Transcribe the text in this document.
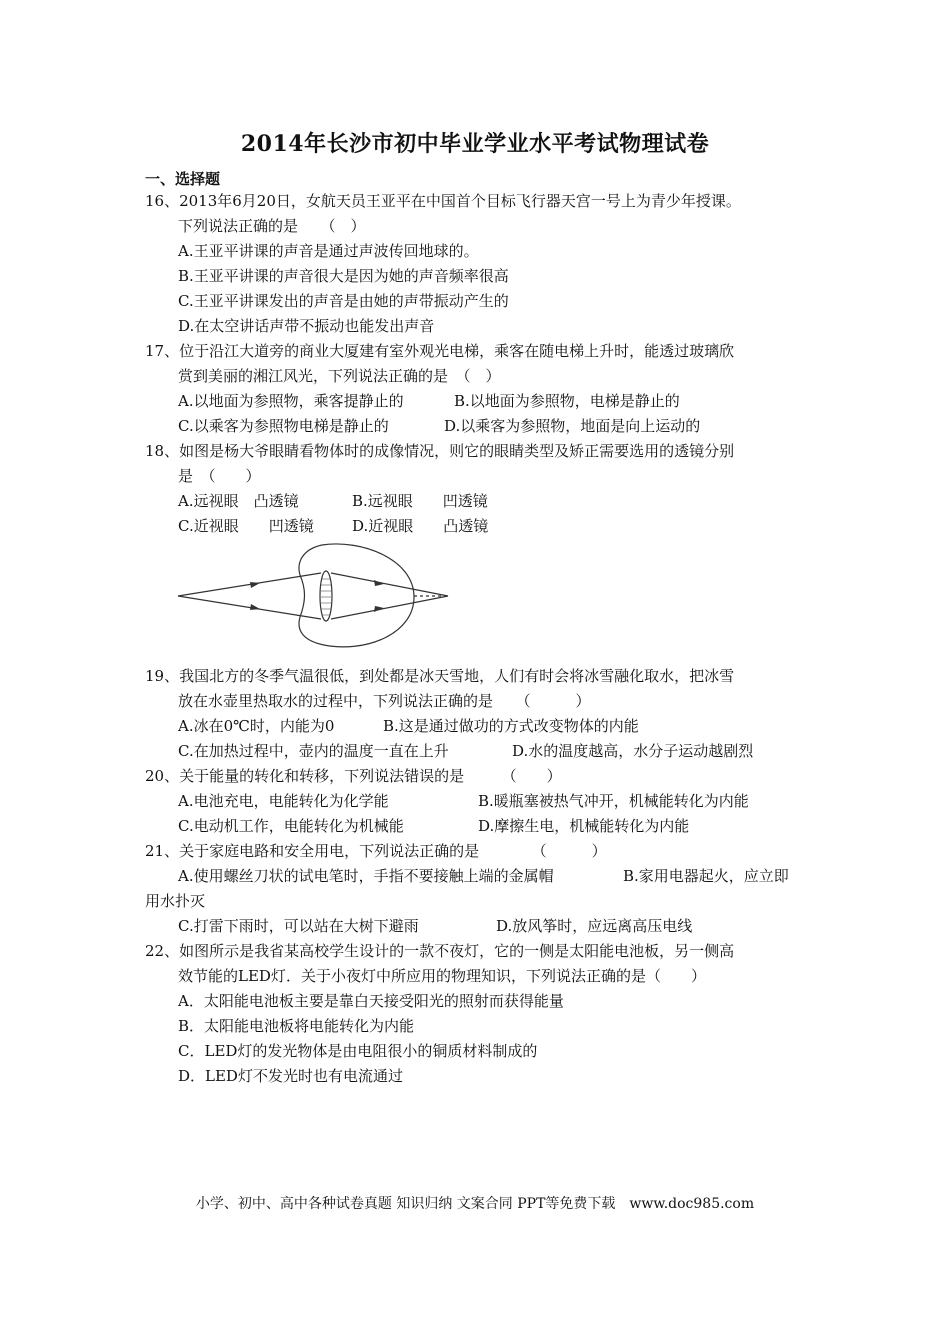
2014年长沙市初中毕业学业水平考试物理试卷
一、选择题
16、2013年6月20日，女航天员王亚平在中国首个目标飞行器天宫一号上为青少年授课。
下列说法正确的是　　（　）
A.王亚平讲课的声音是通过声波传回地球的。
B.王亚平讲课的声音很大是因为她的声音频率很高
C.王亚平讲课发出的声音是由她的声带振动产生的
D.在太空讲话声带不振动也能发出声音
17、位于沿江大道旁的商业大厦建有室外观光电梯，乘客在随电梯上升时，能透过玻璃欣
赏到美丽的湘江风光，下列说法正确的是　（　）
A.以地面为参照物，乘客提静止的	B.以地面为参照物，电梯是静止的
C.以乘客为参照物电梯是静止的	D.以乘客为参照物，地面是向上运动的
18、如图是杨大爷眼睛看物体时的成像情况，则它的眼睛类型及矫正需要选用的透镜分别
是　（　　）
A.远视眼　凸透镜	B.远视眼　　凹透镜
C.近视眼　　凹透镜	D.近视眼　　凸透镜
19、我国北方的冬季气温很低，到处都是冰天雪地，人们有时会将冰雪融化取水，把冰雪
放在水壶里热取水的过程中，下列说法正确的是　　（　　　）
A.冰在0℃时，内能为0	B.这是通过做功的方式改变物体的内能
C.在加热过程中，壶内的温度一直在上升	D.水的温度越高，水分子运动越剧烈
20、关于能量的转化和转移，下列说法错误的是　　　（　　）
A.电池充电，电能转化为化学能	B.暖瓶塞被热气冲开，机械能转化为内能
C.电动机工作，电能转化为机械能	D.摩擦生电，机械能转化为内能
21、关于家庭电路和安全用电，下列说法正确的是　　　　（　　　）
A.使用螺丝刀状的试电笔时，手指不要接触上端的金属帽	B.家用电器起火，应立即
用水扑灭
C.打雷下雨时，可以站在大树下避雨	D.放风筝时，应远离高压电线
22、如图所示是我省某高校学生设计的一款不夜灯，它的一侧是太阳能电池板，另一侧高
效节能的LED灯．关于小夜灯中所应用的物理知识，下列说法正确的是（　　）
A．太阳能电池板主要是靠白天接受阳光的照射而获得能量
B．太阳能电池板将电能转化为内能
C．LED灯的发光物体是由电阻很小的铜质材料制成的
D．LED灯不发光时也有电流通过
小学、初中、高中各种试卷真题 知识归纳 文案合同 PPT等免费下载　www.doc985.com
